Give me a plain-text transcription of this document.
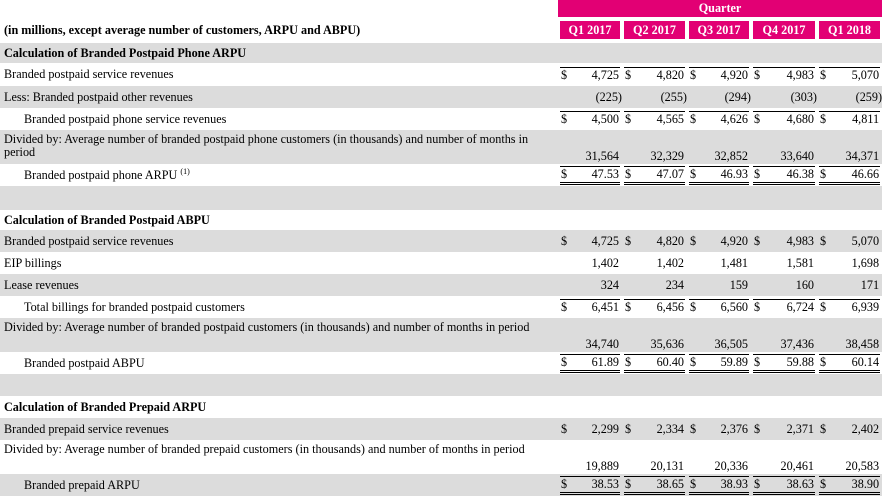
	Quarter				
(in millions, except average number of customers, ARPU and ABPU)	Q1 2017	Q2 2017	Q3 2017	Q4 2017	Q1 2018

Calculation of Branded Postpaid Phone ARPU					
Branded postpaid service revenues	$ 4,725	$ 4,820	$ 4,920	$ 4,983	$ 5,070

Less: Branded postpaid other revenues	(225)	(255)	(294)	(303)	(259)

Branded postpaid phone service revenues	$ 4,500	$ 4,565	$ 4,626	$ 4,680	$ 4,811

Divided by: Average number of branded postpaid phone customers (in thousands) and number of months in period	31,564	32,329	32,852	33,640	34,371

Branded postpaid phone ARPU $^{(1)}$	$ 47.53	$ 47.07	$ 46.93	$ 46.38	$ 46.66

Calculation of Branded Postpaid ABPU					
Branded postpaid service revenues	$ 4,725	$ 4,820	$ 4,920	$ 4,983	$ 5,070

EIP billings	1,402	1,402	1,481	1,581	1,698

Lease revenues	324	234	159	160	171

Total billings for branded postpaid customers	$ 6,451	$ 6,456	$ 6,560	$ 6,724	$ 6,939

Divided by: Average number of branded postpaid customers (in thousands) and number of months in period	34,740	35,636	36,505	37,436	38,458

Branded postpaid ABPU	$ 61.89	$ 60.40	$ 59.89	$ 59.88	$ 60.14

Calculation of Branded Prepaid ARPU					
Branded prepaid service revenues	$ 2,299	$ 2,334	$ 2,376	$ 2,371	$ 2,402

Divided by: Average number of branded prepaid customers (in thousands) and number of months in period	19,889	20,131	20,336	20,461	20,583

Branded prepaid ARPU	$ 38.53	$ 38.65	$ 38.93	$ 38.63	$ 38.90
